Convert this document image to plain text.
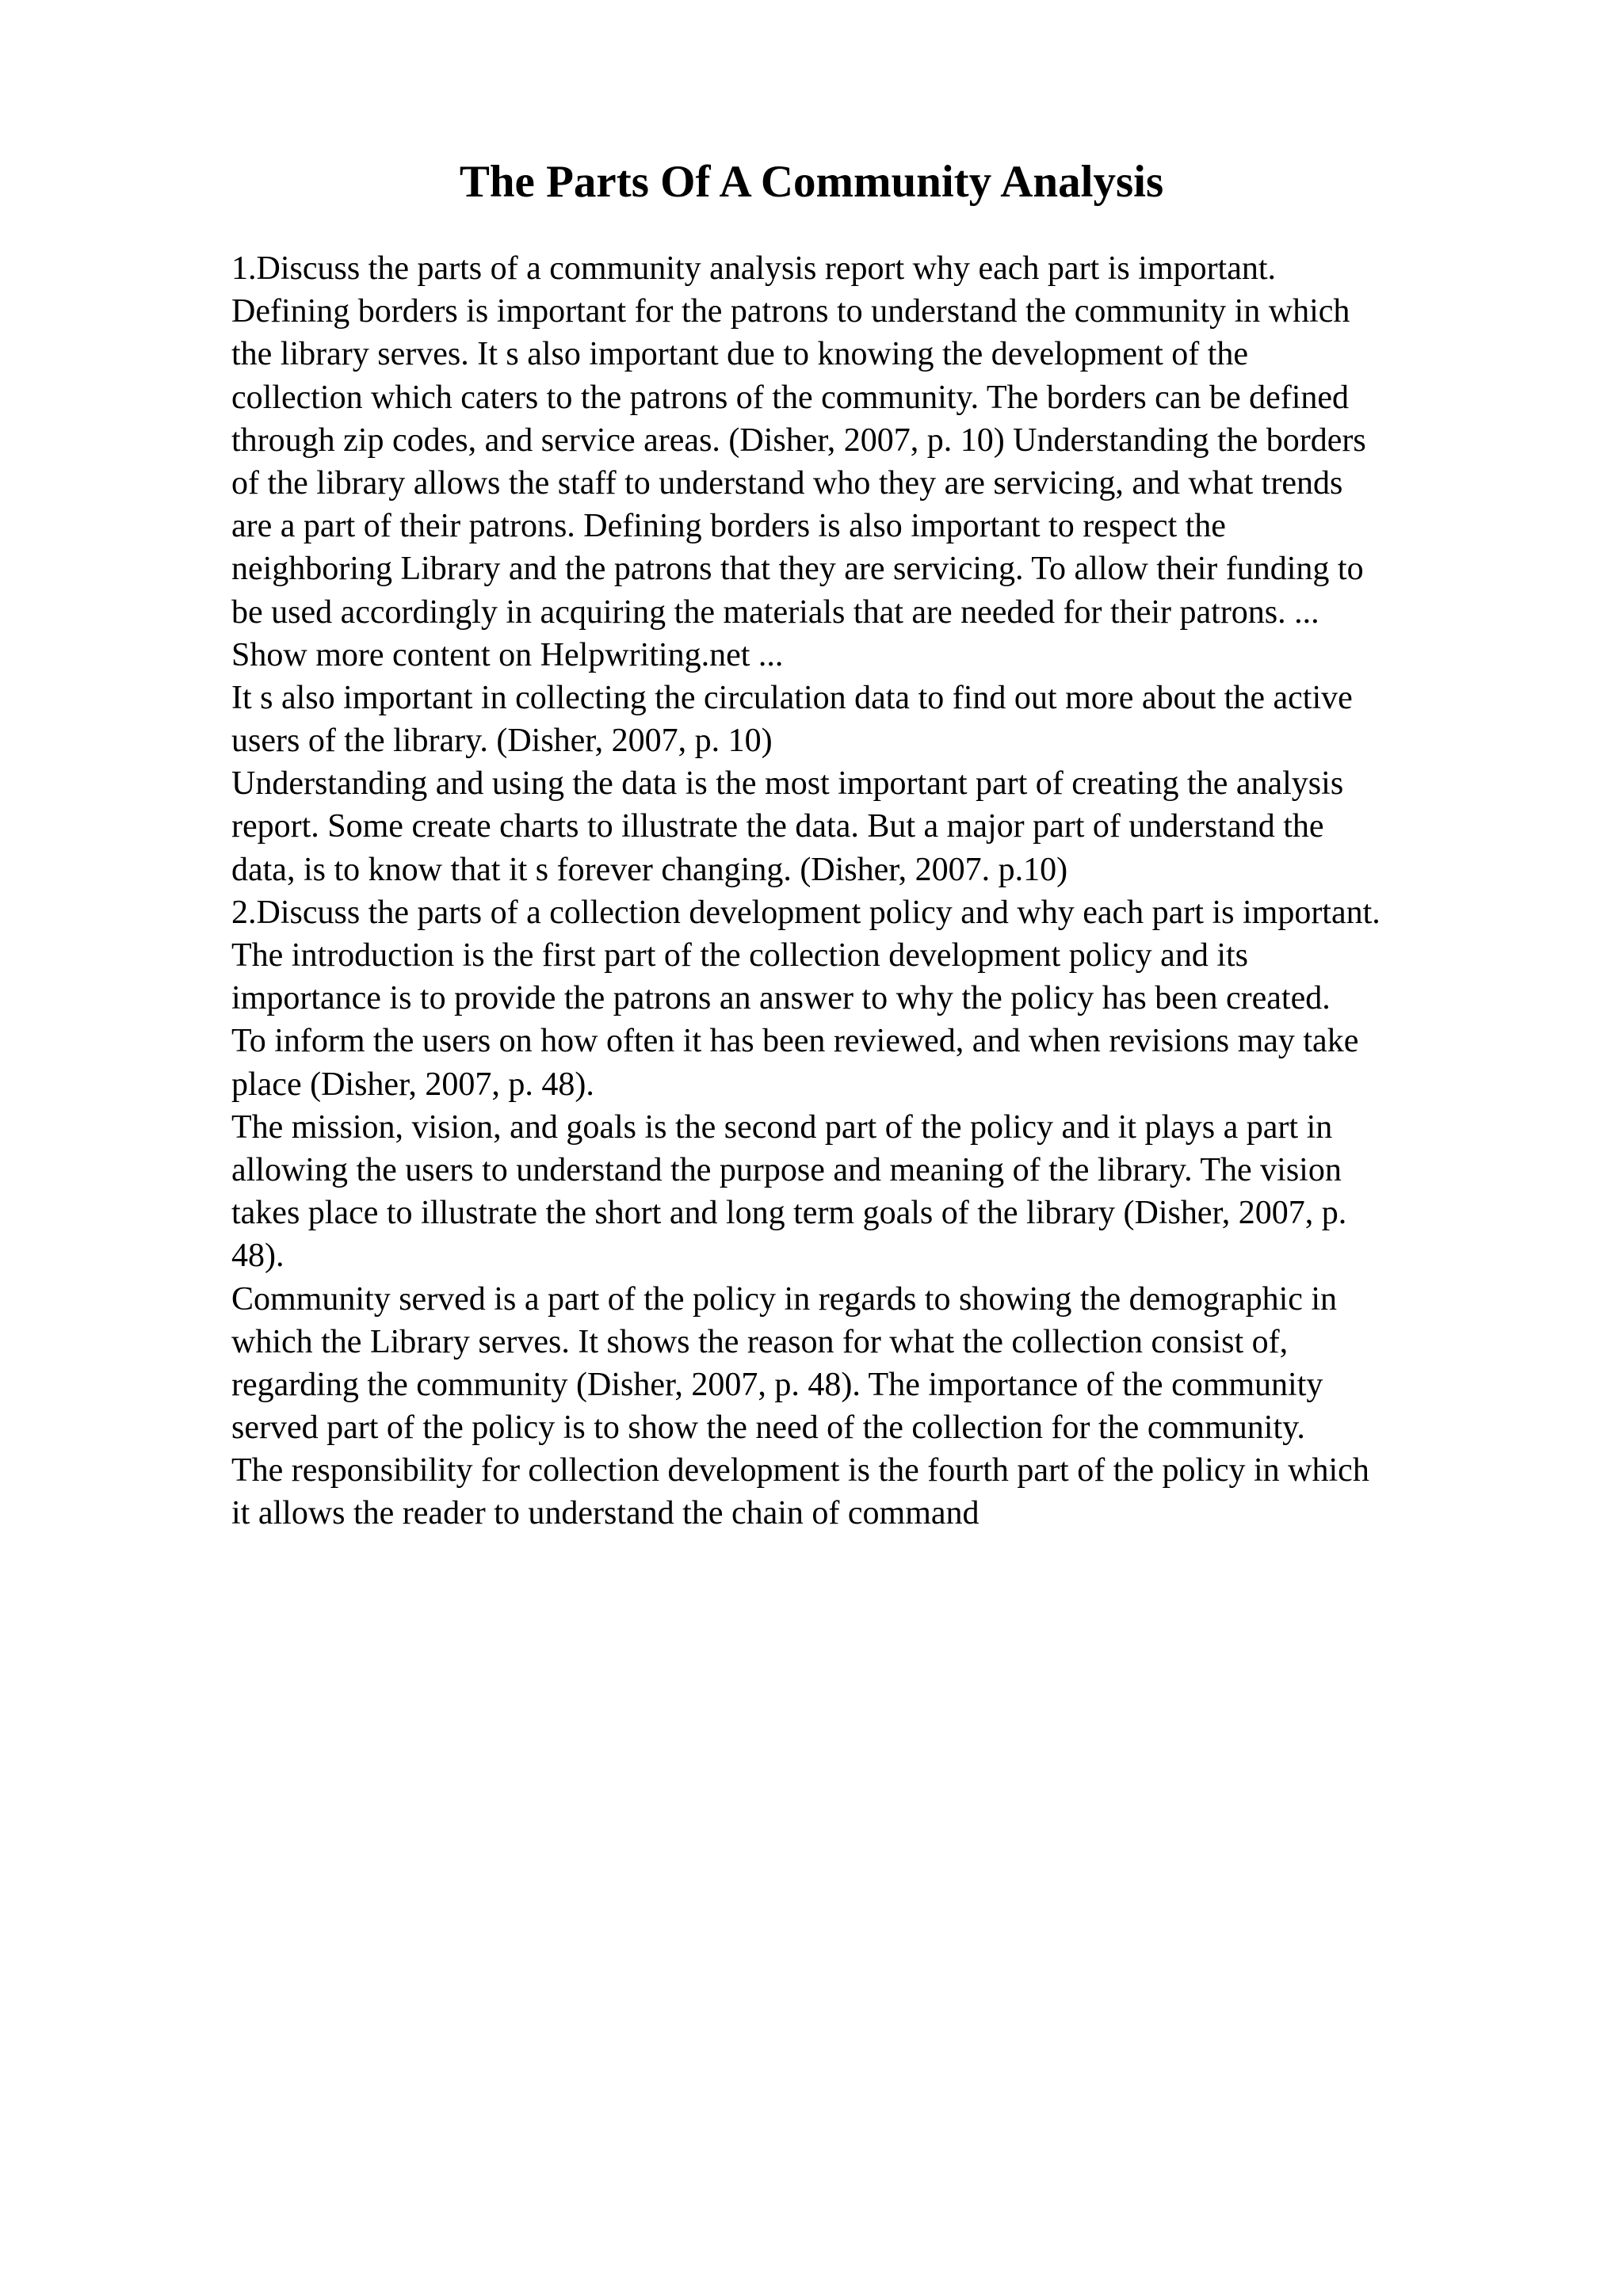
The Parts Of A Community Analysis
1.Discuss the parts of a community analysis report why each part is important.
Defining borders is important for the patrons to understand the community in which
the library serves. It s also important due to knowing the development of the
collection which caters to the patrons of the community. The borders can be defined
through zip codes, and service areas. (Disher, 2007, p. 10) Understanding the borders
of the library allows the staff to understand who they are servicing, and what trends
are a part of their patrons. Defining borders is also important to respect the
neighboring Library and the patrons that they are servicing. To allow their funding to
be used accordingly in acquiring the materials that are needed for their patrons. ...
Show more content on Helpwriting.net ...
It s also important in collecting the circulation data to find out more about the active
users of the library. (Disher, 2007, p. 10)
Understanding and using the data is the most important part of creating the analysis
report. Some create charts to illustrate the data. But a major part of understand the
data, is to know that it s forever changing. (Disher, 2007. p.10)
2.Discuss the parts of a collection development policy and why each part is important.
The introduction is the first part of the collection development policy and its
importance is to provide the patrons an answer to why the policy has been created.
To inform the users on how often it has been reviewed, and when revisions may take
place (Disher, 2007, p. 48).
The mission, vision, and goals is the second part of the policy and it plays a part in
allowing the users to understand the purpose and meaning of the library. The vision
takes place to illustrate the short and long term goals of the library (Disher, 2007, p.
48).
Community served is a part of the policy in regards to showing the demographic in
which the Library serves. It shows the reason for what the collection consist of,
regarding the community (Disher, 2007, p. 48). The importance of the community
served part of the policy is to show the need of the collection for the community.
The responsibility for collection development is the fourth part of the policy in which
it allows the reader to understand the chain of command
